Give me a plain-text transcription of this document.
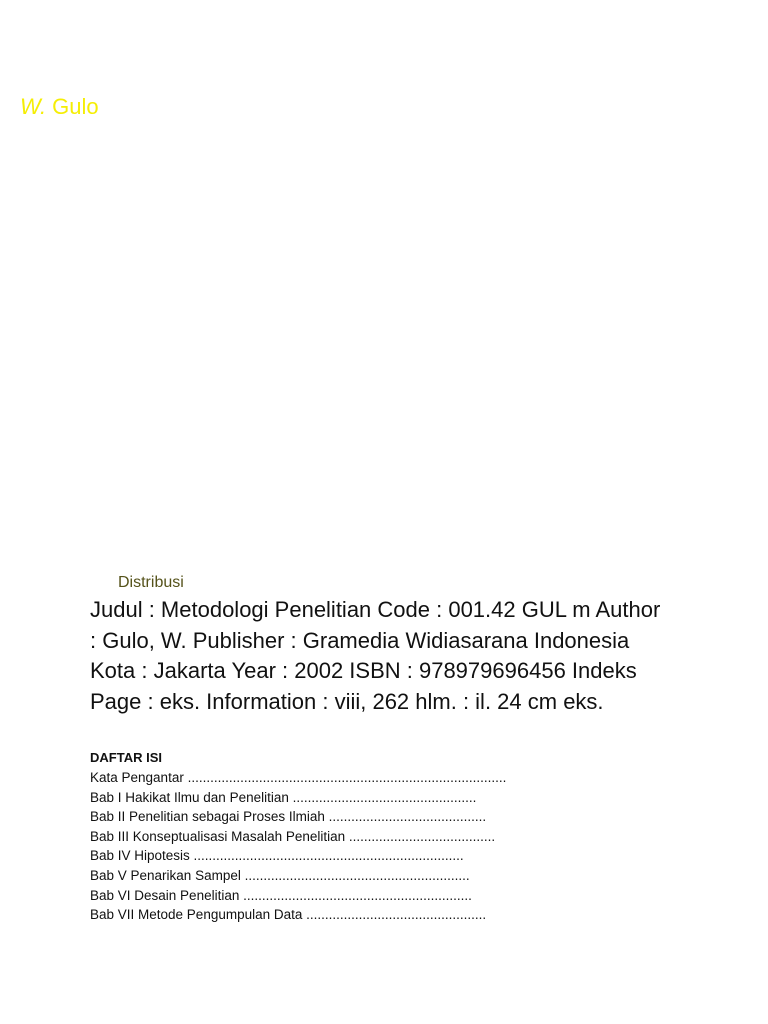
W. Gulo
Distribusi
Judul : Metodologi Penelitian Code : 001.42 GUL m Author : Gulo, W. Publisher : Gramedia Widiasarana Indonesia Kota : Jakarta Year : 2002 ISBN : 978979696456 Indeks Page : eks. Information : viii, 262 hlm. : il. 24 cm eks.
DAFTAR ISI
Kata Pengantar .....................................................................................
Bab I Hakikat Ilmu dan Penelitian .................................................
Bab II Penelitian sebagai Proses Ilmiah ..........................................
Bab III Konseptualisasi Masalah Penelitian .......................................
Bab IV Hipotesis ........................................................................
Bab V Penarikan Sampel ............................................................
Bab VI Desain Penelitian .............................................................
Bab VII Metode Pengumpulan Data ................................................
